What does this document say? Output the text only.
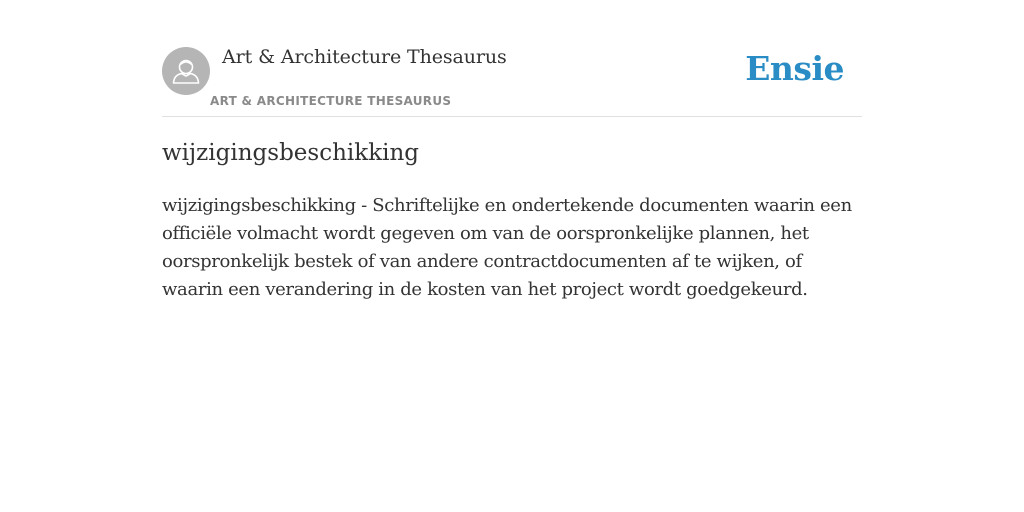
Art & Architecture Thesaurus
ART & ARCHITECTURE THESAURUS
Ensie
wijzigingsbeschikking

wijzigingsbeschikking - Schriftelijke en ondertekende documenten waarin een officiële volmacht wordt gegeven om van de oorspronkelijke plannen, het oorspronkelijk bestek of van andere contractdocumenten af te wijken, of waarin een verandering in de kosten van het project wordt goedgekeurd.
